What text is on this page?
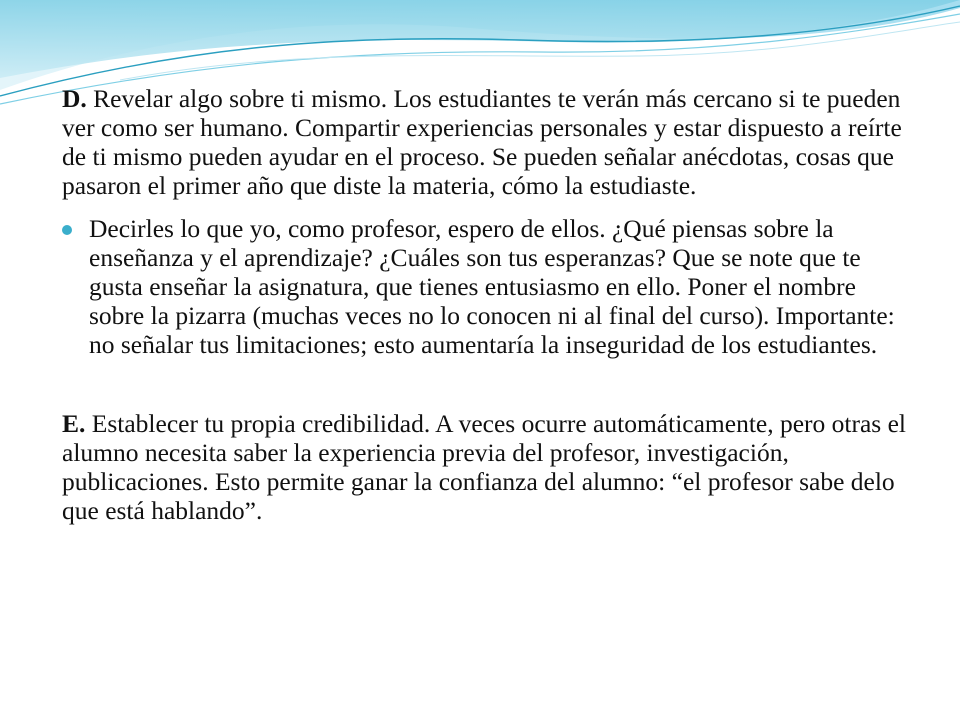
D. Revelar algo sobre ti mismo. Los estudiantes te verán más cercano si te pueden ver como ser humano. Compartir experiencias personales y estar dispuesto a reírte de ti mismo pueden ayudar en el proceso. Se pueden señalar anécdotas, cosas que pasaron el primer año que diste la materia, cómo la estudiaste.

Decirles lo que yo, como profesor, espero de ellos. ¿Qué piensas sobre la enseñanza y el aprendizaje? ¿Cuáles son tus esperanzas? Que se note que te gusta enseñar la asignatura, que tienes entusiasmo en ello. Poner el nombre sobre la pizarra (muchas veces no lo conocen ni al final del curso). Importante: no señalar tus limitaciones; esto aumentaría la inseguridad de los estudiantes.

E. Establecer tu propia credibilidad. A veces ocurre automáticamente, pero otras el alumno necesita saber la experiencia previa del profesor, investigación, publicaciones. Esto permite ganar la confianza del alumno: “el profesor sabe delo que está hablando”.
